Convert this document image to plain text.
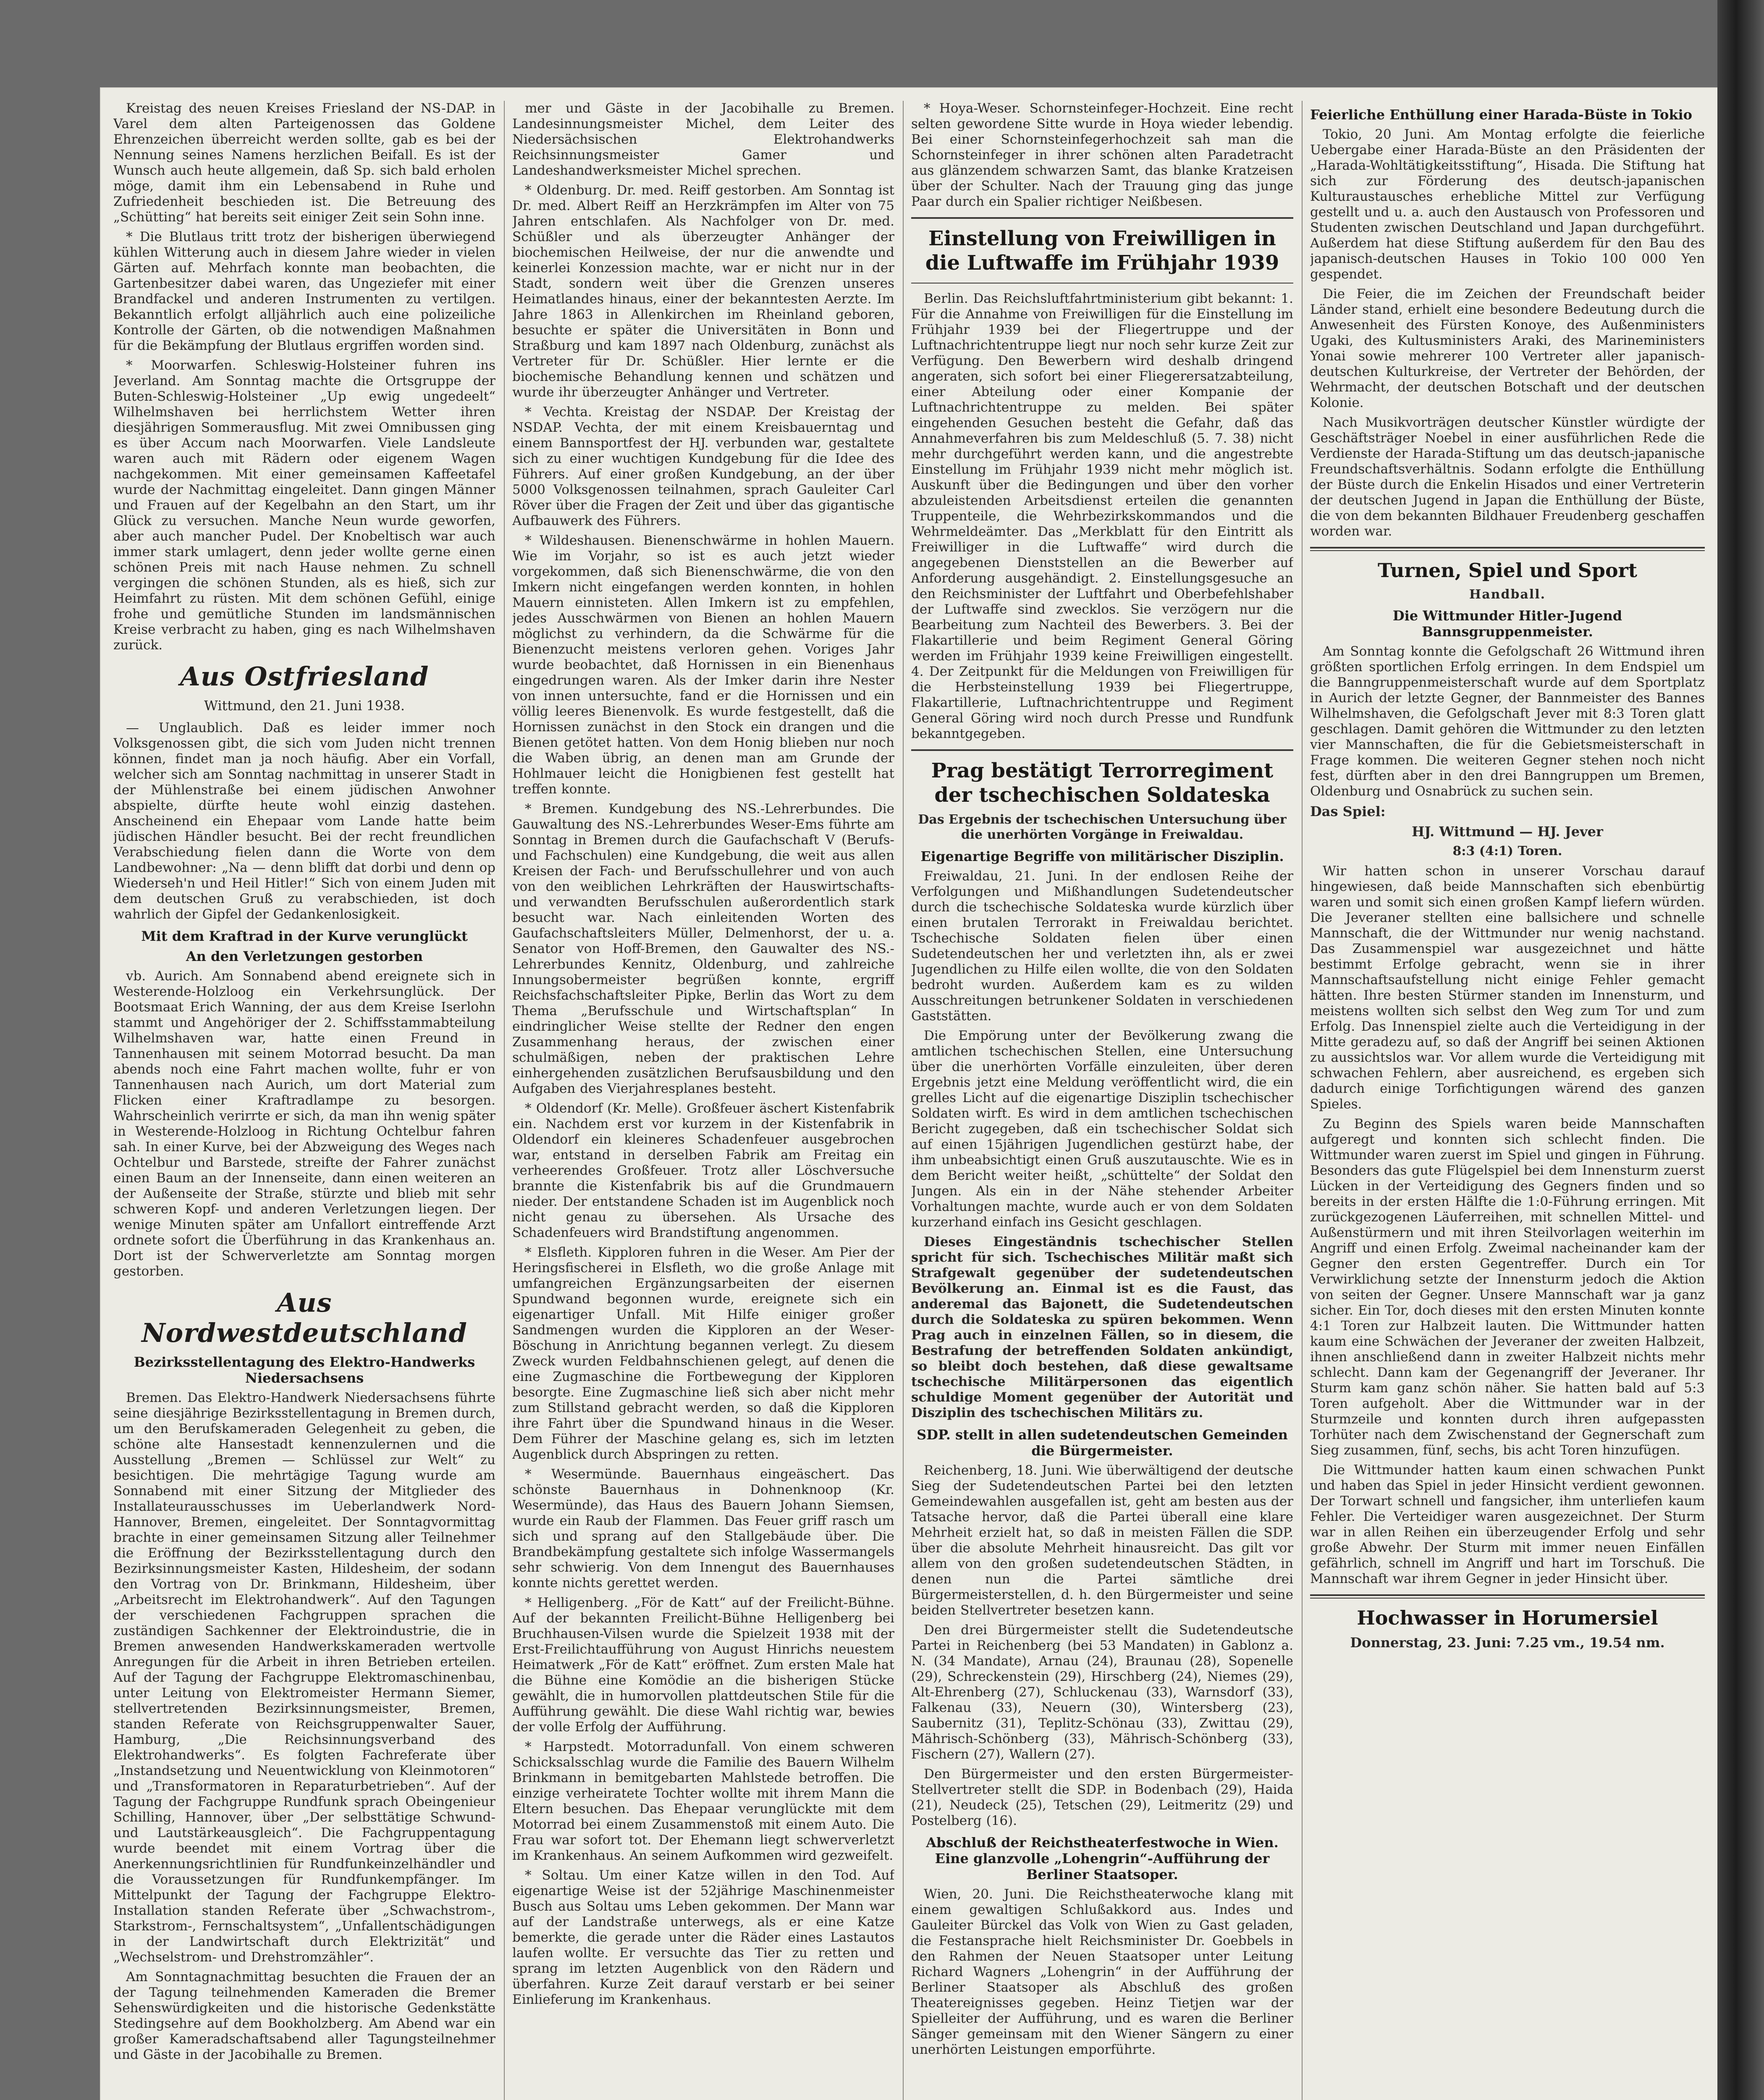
Kreistag des neuen Kreises Friesland der NS-DAP. in Varel dem alten Parteigenossen das Goldene Ehrenzeichen überreicht werden sollte, gab es bei der Nennung seines Namens herzlichen Beifall. Es ist der Wunsch auch heute allgemein, daß Sp. sich bald erholen möge, damit ihm ein Lebensabend in Ruhe und Zufriedenheit beschieden ist. Die Betreuung des „Schütting“ hat bereits seit einiger Zeit sein Sohn inne.

* Die Blutlaus tritt trotz der bisherigen überwiegend kühlen Witterung auch in diesem Jahre wieder in vielen Gärten auf. Mehrfach konnte man beobachten, die Gartenbesitzer dabei waren, das Ungeziefer mit einer Brandfackel und anderen Instrumenten zu vertilgen. Bekanntlich erfolgt alljährlich auch eine polizeiliche Kontrolle der Gärten, ob die notwendigen Maßnahmen für die Bekämpfung der Blutlaus ergriffen worden sind.

* Moorwarfen. Schleswig-Holsteiner fuhren ins Jeverland. Am Sonntag machte die Ortsgruppe der Buten-Schleswig-Holsteiner „Up ewig ungedeelt“ Wilhelmshaven bei herrlichstem Wetter ihren diesjährigen Sommerausflug. Mit zwei Omnibussen ging es über Accum nach Moorwarfen. Viele Landsleute waren auch mit Rädern oder eigenem Wagen nachgekommen. Mit einer gemeinsamen Kaffeetafel wurde der Nachmittag eingeleitet. Dann gingen Männer und Frauen auf der Kegelbahn an den Start, um ihr Glück zu versuchen. Manche Neun wurde geworfen, aber auch mancher Pudel. Der Knobeltisch war auch immer stark umlagert, denn jeder wollte gerne einen schönen Preis mit nach Hause nehmen. Zu schnell vergingen die schönen Stunden, als es hieß, sich zur Heimfahrt zu rüsten. Mit dem schönen Gefühl, einige frohe und gemütliche Stunden im landsmännischen Kreise verbracht zu haben, ging es nach Wilhelmshaven zurück.

Aus Ostfriesland
Wittmund, den 21. Juni 1938.

— Unglaublich. Daß es leider immer noch Volksgenossen gibt, die sich vom Juden nicht trennen können, findet man ja noch häufig. Aber ein Vorfall, welcher sich am Sonntag nachmittag in unserer Stadt in der Mühlenstraße bei einem jüdischen Anwohner abspielte, dürfte heute wohl einzig dastehen. Anscheinend ein Ehepaar vom Lande hatte beim jüdischen Händler besucht. Bei der recht freundlichen Verabschiedung fielen dann die Worte von dem Landbewohner: „Na — denn blifft dat dorbi und denn op Wiederseh'n und Heil Hitler!“ Sich von einem Juden mit dem deutschen Gruß zu verabschieden, ist doch wahrlich der Gipfel der Gedankenlosigkeit.

Mit dem Kraftrad in der Kurve verunglückt
An den Verletzungen gestorben

vb. Aurich. Am Sonnabend abend ereignete sich in Westerende-Holzloog ein Verkehrsunglück. Der Bootsmaat Erich Wanning, der aus dem Kreise Iserlohn stammt und Angehöriger der 2. Schiffsstammabteilung Wilhelmshaven war, hatte einen Freund in Tannenhausen mit seinem Motorrad besucht. Da man abends noch eine Fahrt machen wollte, fuhr er von Tannenhausen nach Aurich, um dort Material zum Flicken einer Kraftradlampe zu besorgen. Wahrscheinlich verirrte er sich, da man ihn wenig später in Westerende-Holzloog in Richtung Ochtelbur fahren sah. In einer Kurve, bei der Abzweigung des Weges nach Ochtelbur und Barstede, streifte der Fahrer zunächst einen Baum an der Innenseite, dann einen weiteren an der Außenseite der Straße, stürzte und blieb mit sehr schweren Kopf- und anderen Verletzungen liegen. Der wenige Minuten später am Unfallort eintreffende Arzt ordnete sofort die Überführung in das Krankenhaus an. Dort ist der Schwerverletzte am Sonntag morgen gestorben.

Aus Nordwestdeutschland
Bezirksstellentagung des Elektro-Handwerks Niedersachsens

Bremen. Das Elektro-Handwerk Niedersachsens führte seine diesjährige Bezirksstellentagung in Bremen durch, um den Berufskameraden Gelegenheit zu geben, die schöne alte Hansestadt kennenzulernen und die Ausstellung „Bremen — Schlüssel zur Welt“ zu besichtigen. Die mehrtägige Tagung wurde am Sonnabend mit einer Sitzung der Mitglieder des Installateurausschusses im Ueberlandwerk Nord-Hannover, Bremen, eingeleitet. Der Sonntagvormittag brachte in einer gemeinsamen Sitzung aller Teilnehmer die Eröffnung der Bezirksstellentagung durch den Bezirksinnungsmeister Kasten, Hildesheim, der sodann den Vortrag von Dr. Brinkmann, Hildesheim, über „Arbeitsrecht im Elektrohandwerk“. Auf den Tagungen der verschiedenen Fachgruppen sprachen die zuständigen Sachkenner der Elektroindustrie, die in Bremen anwesenden Handwerkskameraden wertvolle Anregungen für die Arbeit in ihren Betrieben erteilen. Auf der Tagung der Fachgruppe Elektromaschinenbau, unter Leitung von Elektromeister Hermann Siemer, stellvertretenden Bezirksinnungsmeister, Bremen, standen Referate von Reichsgruppenwalter Sauer, Hamburg, „Die Reichsinnungsverband des Elektrohandwerks“. Es folgten Fachreferate über „Instandsetzung und Neuentwicklung von Kleinmotoren“ und „Transformatoren in Reparaturbetrieben“. Auf der Tagung der Fachgruppe Rundfunk sprach Obeingenieur Schilling, Hannover, über „Der selbsttätige Schwund- und Lautstärkeausgleich“. Die Fachgruppentagung wurde beendet mit einem Vortrag über die Anerkennungsrichtlinien für Rundfunkeinzelhändler und die Voraussetzungen für Rundfunkempfänger. Im Mittelpunkt der Tagung der Fachgruppe Elektro-Installation standen Referate über „Schwachstrom-, Starkstrom-, Fernschaltsystem“, „Unfallentschädigungen in der Landwirtschaft durch Elektrizität“ und „Wechselstrom- und Drehstromzähler“.

Am Sonntagnachmittag besuchten die Frauen der an der Tagung teilnehmenden Kameraden die Bremer Sehenswürdigkeiten und die historische Gedenkstätte Stedingsehre auf dem Bookholzberg. Am Abend war ein großer Kameradschaftsabend aller Tagungsteilnehmer und Gäste in der Jacobihalle zu Bremen.

mer und Gäste in der Jacobihalle zu Bremen. Landesinnungsmeister Michel, dem Leiter des Niedersächsischen Elektrohandwerks Reichsinnungsmeister Gamer und Landeshandwerksmeister Michel sprechen.

* Oldenburg. Dr. med. Reiff gestorben. Am Sonntag ist Dr. med. Albert Reiff an Herzkrämpfen im Alter von 75 Jahren entschlafen. Als Nachfolger von Dr. med. Schüßler und als überzeugter Anhänger der biochemischen Heilweise, der nur die anwendte und keinerlei Konzession machte, war er nicht nur in der Stadt, sondern weit über die Grenzen unseres Heimatlandes hinaus, einer der bekanntesten Aerzte. Im Jahre 1863 in Allenkirchen im Rheinland geboren, besuchte er später die Universitäten in Bonn und Straßburg und kam 1897 nach Oldenburg, zunächst als Vertreter für Dr. Schüßler. Hier lernte er die biochemische Behandlung kennen und schätzen und wurde ihr überzeugter Anhänger und Vertreter.

* Vechta. Kreistag der NSDAP. Der Kreistag der NSDAP. Vechta, der mit einem Kreisbauerntag und einem Bannsportfest der HJ. verbunden war, gestaltete sich zu einer wuchtigen Kundgebung für die Idee des Führers. Auf einer großen Kundgebung, an der über 5000 Volksgenossen teilnahmen, sprach Gauleiter Carl Röver über die Fragen der Zeit und über das gigantische Aufbauwerk des Führers.

* Wildeshausen. Bienenschwärme in hohlen Mauern. Wie im Vorjahr, so ist es auch jetzt wieder vorgekommen, daß sich Bienenschwärme, die von den Imkern nicht eingefangen werden konnten, in hohlen Mauern einnisteten. Allen Imkern ist zu empfehlen, jedes Ausschwärmen von Bienen an hohlen Mauern möglichst zu verhindern, da die Schwärme für die Bienenzucht meistens verloren gehen. Voriges Jahr wurde beobachtet, daß Hornissen in ein Bienenhaus eingedrungen waren. Als der Imker darin ihre Nester von innen untersuchte, fand er die Hornissen und ein völlig leeres Bienenvolk. Es wurde festgestellt, daß die Hornissen zunächst in den Stock ein drangen und die Bienen getötet hatten. Von dem Honig blieben nur noch die Waben übrig, an denen man am Grunde der Hohlmauer leicht die Honigbienen fest gestellt hat treffen konnte.

* Bremen. Kundgebung des NS.-Lehrerbundes. Die Gauwaltung des NS.-Lehrerbundes Weser-Ems führte am Sonntag in Bremen durch die Gaufachschaft V (Berufs- und Fachschulen) eine Kundgebung, die weit aus allen Kreisen der Fach- und Berufsschullehrer und von auch von den weiblichen Lehrkräften der Hauswirtschafts- und verwandten Berufsschulen außerordentlich stark besucht war. Nach einleitenden Worten des Gaufachschaftsleiters Müller, Delmenhorst, der u. a. Senator von Hoff-Bremen, den Gauwalter des NS.-Lehrerbundes Kennitz, Oldenburg, und zahlreiche Innungsobermeister begrüßen konnte, ergriff Reichsfachschaftsleiter Pipke, Berlin das Wort zu dem Thema „Berufsschule und Wirtschaftsplan“ In eindringlicher Weise stellte der Redner den engen Zusammenhang heraus, der zwischen einer schulmäßigen, neben der praktischen Lehre einhergehenden zusätzlichen Berufsausbildung und den Aufgaben des Vierjahresplanes besteht.

* Oldendorf (Kr. Melle). Großfeuer äschert Kistenfabrik ein. Nachdem erst vor kurzem in der Kistenfabrik in Oldendorf ein kleineres Schadenfeuer ausgebrochen war, entstand in derselben Fabrik am Freitag ein verheerendes Großfeuer. Trotz aller Löschversuche brannte die Kistenfabrik bis auf die Grundmauern nieder. Der entstandene Schaden ist im Augenblick noch nicht genau zu übersehen. Als Ursache des Schadenfeuers wird Brandstiftung angenommen.

* Elsfleth. Kipploren fuhren in die Weser. Am Pier der Heringsfischerei in Elsfleth, wo die große Anlage mit umfangreichen Ergänzungsarbeiten der eisernen Spundwand begonnen wurde, ereignete sich ein eigenartiger Unfall. Mit Hilfe einiger großer Sandmengen wurden die Kipploren an der Weser-Böschung in Anrichtung begannen verlegt. Zu diesem Zweck wurden Feldbahnschienen gelegt, auf denen die eine Zugmaschine die Fortbewegung der Kipploren besorgte. Eine Zugmaschine ließ sich aber nicht mehr zum Stillstand gebracht werden, so daß die Kipploren ihre Fahrt über die Spundwand hinaus in die Weser. Dem Führer der Maschine gelang es, sich im letzten Augenblick durch Abspringen zu retten.

* Wesermünde. Bauernhaus eingeäschert. Das schönste Bauernhaus in Dohnenknoop (Kr. Wesermünde), das Haus des Bauern Johann Siemsen, wurde ein Raub der Flammen. Das Feuer griff rasch um sich und sprang auf den Stallgebäude über. Die Brandbekämpfung gestaltete sich infolge Wassermangels sehr schwierig. Von dem Innengut des Bauernhauses konnte nichts gerettet werden.

* Helligenberg. „För de Katt“ auf der Freilicht-Bühne. Auf der bekannten Freilicht-Bühne Helligenberg bei Bruchhausen-Vilsen wurde die Spielzeit 1938 mit der Erst-Freilichtaufführung von August Hinrichs neuestem Heimatwerk „För de Katt“ eröffnet. Zum ersten Male hat die Bühne eine Komödie an die bisherigen Stücke gewählt, die in humorvollen plattdeutschen Stile für die Aufführung gewählt. Die diese Wahl richtig war, bewies der volle Erfolg der Aufführung.

* Harpstedt. Motorradunfall. Von einem schweren Schicksalsschlag wurde die Familie des Bauern Wilhelm Brinkmann in bemitgebarten Mahlstede betroffen. Die einzige verheiratete Tochter wollte mit ihrem Mann die Eltern besuchen. Das Ehepaar verunglückte mit dem Motorrad bei einem Zusammenstoß mit einem Auto. Die Frau war sofort tot. Der Ehemann liegt schwerverletzt im Krankenhaus. An seinem Aufkommen wird gezweifelt.

* Soltau. Um einer Katze willen in den Tod. Auf eigenartige Weise ist der 52jährige Maschinenmeister Busch aus Soltau ums Leben gekommen. Der Mann war auf der Landstraße unterwegs, als er eine Katze bemerkte, die gerade unter die Räder eines Lastautos laufen wollte. Er versuchte das Tier zu retten und sprang im letzten Augenblick von den Rädern und überfahren. Kurze Zeit darauf verstarb er bei seiner Einlieferung im Krankenhaus.

* Hoya-Weser. Schornsteinfeger-Hochzeit. Eine recht selten gewordene Sitte wurde in Hoya wieder lebendig. Bei einer Schornsteinfegerhochzeit sah man die Schornsteinfeger in ihrer schönen alten Paradetracht aus glänzendem schwarzen Samt, das blanke Kratzeisen über der Schulter. Nach der Trauung ging das junge Paar durch ein Spalier richtiger Neißbesen.

Einstellung von Freiwilligen in die Luftwaffe im Frühjahr 1939

Berlin. Das Reichsluftfahrtministerium gibt bekannt: 1. Für die Annahme von Freiwilligen für die Einstellung im Frühjahr 1939 bei der Fliegertruppe und der Luftnachrichtentruppe liegt nur noch sehr kurze Zeit zur Verfügung. Den Bewerbern wird deshalb dringend angeraten, sich sofort bei einer Fliegerersatzabteilung, einer Abteilung oder einer Kompanie der Luftnachrichtentruppe zu melden. Bei später eingehenden Gesuchen besteht die Gefahr, daß das Annahmeverfahren bis zum Meldeschluß (5. 7. 38) nicht mehr durchgeführt werden kann, und die angestrebte Einstellung im Frühjahr 1939 nicht mehr möglich ist. Auskunft über die Bedingungen und über den vorher abzuleistenden Arbeitsdienst erteilen die genannten Truppenteile, die Wehrbezirkskommandos und die Wehrmeldeämter. Das „Merkblatt für den Eintritt als Freiwilliger in die Luftwaffe“ wird durch die angegebenen Dienststellen an die Bewerber auf Anforderung ausgehändigt. 2. Einstellungsgesuche an den Reichsminister der Luftfahrt und Oberbefehlshaber der Luftwaffe sind zwecklos. Sie verzögern nur die Bearbeitung zum Nachteil des Bewerbers. 3. Bei der Flakartillerie und beim Regiment General Göring werden im Frühjahr 1939 keine Freiwilligen eingestellt. 4. Der Zeitpunkt für die Meldungen von Freiwilligen für die Herbsteinstellung 1939 bei Fliegertruppe, Flakartillerie, Luftnachrichtentruppe und Regiment General Göring wird noch durch Presse und Rundfunk bekanntgegeben.

Prag bestätigt Terrorregiment der tschechischen Soldateska
Das Ergebnis der tschechischen Untersuchung über die unerhörten Vorgänge in Freiwaldau.
Eigenartige Begriffe von militärischer Disziplin.

Freiwaldau, 21. Juni. In der endlosen Reihe der Verfolgungen und Mißhandlungen Sudetendeutscher durch die tschechische Soldateska wurde kürzlich über einen brutalen Terrorakt in Freiwaldau berichtet. Tschechische Soldaten fielen über einen Sudetendeutschen her und verletzten ihn, als er zwei Jugendlichen zu Hilfe eilen wollte, die von den Soldaten bedroht wurden. Außerdem kam es zu wilden Ausschreitungen betrunkener Soldaten in verschiedenen Gaststätten.

Die Empörung unter der Bevölkerung zwang die amtlichen tschechischen Stellen, eine Untersuchung über die unerhörten Vorfälle einzuleiten, über deren Ergebnis jetzt eine Meldung veröffentlicht wird, die ein grelles Licht auf die eigenartige Disziplin tschechischer Soldaten wirft. Es wird in dem amtlichen tschechischen Bericht zugegeben, daß ein tschechischer Soldat sich auf einen 15jährigen Jugendlichen gestürzt habe, der ihm unbeabsichtigt einen Gruß auszutauschte. Wie es in dem Bericht weiter heißt, „schüttelte“ der Soldat den Jungen. Als ein in der Nähe stehender Arbeiter Vorhaltungen machte, wurde auch er von dem Soldaten kurzerhand einfach ins Gesicht geschlagen.

Dieses Eingeständnis tschechischer Stellen spricht für sich. Tschechisches Militär maßt sich Strafgewalt gegenüber der sudetendeutschen Bevölkerung an. Einmal ist es die Faust, das anderemal das Bajonett, die Sudetendeutschen durch die Soldateska zu spüren bekommen. Wenn Prag auch in einzelnen Fällen, so in diesem, die Bestrafung der betreffenden Soldaten ankündigt, so bleibt doch bestehen, daß diese gewaltsame tschechische Militärpersonen das eigentlich schuldige Moment gegenüber der Autorität und Disziplin des tschechischen Militärs zu.

SDP. stellt in allen sudetendeutschen Gemeinden die Bürgermeister.

Reichenberg, 18. Juni. Wie überwältigend der deutsche Sieg der Sudetendeutschen Partei bei den letzten Gemeindewahlen ausgefallen ist, geht am besten aus der Tatsache hervor, daß die Partei überall eine klare Mehrheit erzielt hat, so daß in meisten Fällen die SDP. über die absolute Mehrheit hinausreicht. Das gilt vor allem von den großen sudetendeutschen Städten, in denen nun die Partei sämtliche drei Bürgermeisterstellen, d. h. den Bürgermeister und seine beiden Stellvertreter besetzen kann.

Den drei Bürgermeister stellt die Sudetendeutsche Partei in Reichenberg (bei 53 Mandaten) in Gablonz a. N. (34 Mandate), Arnau (24), Braunau (28), Sopenelle (29), Schreckenstein (29), Hirschberg (24), Niemes (29), Alt-Ehrenberg (27), Schluckenau (33), Warnsdorf (33), Falkenau (33), Neuern (30), Wintersberg (23), Saubernitz (31), Teplitz-Schönau (33), Zwittau (29), Mährisch-Schönberg (33), Mährisch-Schönberg (33), Fischern (27), Wallern (27).

Den Bürgermeister und den ersten Bürgermeister-Stellvertreter stellt die SDP. in Bodenbach (29), Haida (21), Neudeck (25), Tetschen (29), Leitmeritz (29) und Postelberg (16).

Abschluß der Reichstheaterfestwoche in Wien. Eine glanzvolle „Lohengrin“-Aufführung der Berliner Staatsoper.

Wien, 20. Juni. Die Reichstheaterwoche klang mit einem gewaltigen Schlußakkord aus. Indes und Gauleiter Bürckel das Volk von Wien zu Gast geladen, die Festansprache hielt Reichsminister Dr. Goebbels in den Rahmen der Neuen Staatsoper unter Leitung Richard Wagners „Lohengrin“ in der Aufführung der Berliner Staatsoper als Abschluß des großen Theatereignisses gegeben. Heinz Tietjen war der Spielleiter der Aufführung, und es waren die Berliner Sänger gemeinsam mit den Wiener Sängern zu einer unerhörten Leistungen emporführte.

Feierliche Enthüllung einer Harada-Büste in Tokio

Tokio, 20 Juni. Am Montag erfolgte die feierliche Uebergabe einer Harada-Büste an den Präsidenten der „Harada-Wohltätigkeitsstiftung“, Hisada. Die Stiftung hat sich zur Förderung des deutsch-japanischen Kulturaustausches erhebliche Mittel zur Verfügung gestellt und u. a. auch den Austausch von Professoren und Studenten zwischen Deutschland und Japan durchgeführt. Außerdem hat diese Stiftung außerdem für den Bau des japanisch-deutschen Hauses in Tokio 100 000 Yen gespendet.

Die Feier, die im Zeichen der Freundschaft beider Länder stand, erhielt eine besondere Bedeutung durch die Anwesenheit des Fürsten Konoye, des Außenministers Ugaki, des Kultusministers Araki, des Marineministers Yonai sowie mehrerer 100 Vertreter aller japanisch-deutschen Kulturkreise, der Vertreter der Behörden, der Wehrmacht, der deutschen Botschaft und der deutschen Kolonie.

Nach Musikvorträgen deutscher Künstler würdigte der Geschäftsträger Noebel in einer ausführlichen Rede die Verdienste der Harada-Stiftung um das deutsch-japanische Freundschaftsverhältnis. Sodann erfolgte die Enthüllung der Büste durch die Enkelin Hisados und einer Vertreterin der deutschen Jugend in Japan die Enthüllung der Büste, die von dem bekannten Bildhauer Freudenberg geschaffen worden war.

Turnen, Spiel und Sport
Handball.
Die Wittmunder Hitler-Jugend Bannsgruppenmeister.

Am Sonntag konnte die Gefolgschaft 26 Wittmund ihren größten sportlichen Erfolg erringen. In dem Endspiel um die Banngruppenmeisterschaft wurde auf dem Sportplatz in Aurich der letzte Gegner, der Bannmeister des Bannes Wilhelmshaven, die Gefolgschaft Jever mit 8:3 Toren glatt geschlagen. Damit gehören die Wittmunder zu den letzten vier Mannschaften, die für die Gebietsmeisterschaft in Frage kommen. Die weiteren Gegner stehen noch nicht fest, dürften aber in den drei Banngruppen um Bremen, Oldenburg und Osnabrück zu suchen sein.

Das Spiel:
HJ. Wittmund — HJ. Jever
8:3 (4:1) Toren.

Wir hatten schon in unserer Vorschau darauf hingewiesen, daß beide Mannschaften sich ebenbürtig waren und somit sich einen großen Kampf liefern würden. Die Jeveraner stellten eine ballsichere und schnelle Mannschaft, die der Wittmunder nur wenig nachstand. Das Zusammenspiel war ausgezeichnet und hätte bestimmt Erfolge gebracht, wenn sie in ihrer Mannschaftsaufstellung nicht einige Fehler gemacht hätten. Ihre besten Stürmer standen im Innensturm, und meistens wollten sich selbst den Weg zum Tor und zum Erfolg. Das Innenspiel zielte auch die Verteidigung in der Mitte geradezu auf, so daß der Angriff bei seinen Aktionen zu aussichtslos war. Vor allem wurde die Verteidigung mit schwachen Fehlern, aber ausreichend, es ergeben sich dadurch einige Torfichtigungen wärend des ganzen Spieles.

Zu Beginn des Spiels waren beide Mannschaften aufgeregt und konnten sich schlecht finden. Die Wittmunder waren zuerst im Spiel und gingen in Führung. Besonders das gute Flügelspiel bei dem Innensturm zuerst Lücken in der Verteidigung des Gegners finden und so bereits in der ersten Hälfte die 1:0-Führung erringen. Mit zurückgezogenen Läuferreihen, mit schnellen Mittel- und Außenstürmern und mit ihren Steilvorlagen weiterhin im Angriff und einen Erfolg. Zweimal nacheinander kam der Gegner den ersten Gegentreffer. Durch ein Tor Verwirklichung setzte der Innensturm jedoch die Aktion von seiten der Gegner. Unsere Mannschaft war ja ganz sicher. Ein Tor, doch dieses mit den ersten Minuten konnte 4:1 Toren zur Halbzeit lauten. Die Wittmunder hatten kaum eine Schwächen der Jeveraner der zweiten Halbzeit, ihnen anschließend dann in zweiter Halbzeit nichts mehr schlecht. Dann kam der Gegenangriff der Jeveraner. Ihr Sturm kam ganz schön näher. Sie hatten bald auf 5:3 Toren aufgeholt. Aber die Wittmunder war in der Sturmzeile und konnten durch ihren aufgepassten Torhüter nach dem Zwischenstand der Gegnerschaft zum Sieg zusammen, fünf, sechs, bis acht Toren hinzufügen.

Die Wittmunder hatten kaum einen schwachen Punkt und haben das Spiel in jeder Hinsicht verdient gewonnen. Der Torwart schnell und fangsicher, ihm unterliefen kaum Fehler. Die Verteidiger waren ausgezeichnet. Der Sturm war in allen Reihen ein überzeugender Erfolg und sehr große Abwehr. Der Sturm mit immer neuen Einfällen gefährlich, schnell im Angriff und hart im Torschuß. Die Mannschaft war ihrem Gegner in jeder Hinsicht über.

Hochwasser in Horumersiel
Donnerstag, 23. Juni: 7.25 vm., 19.54 nm.
